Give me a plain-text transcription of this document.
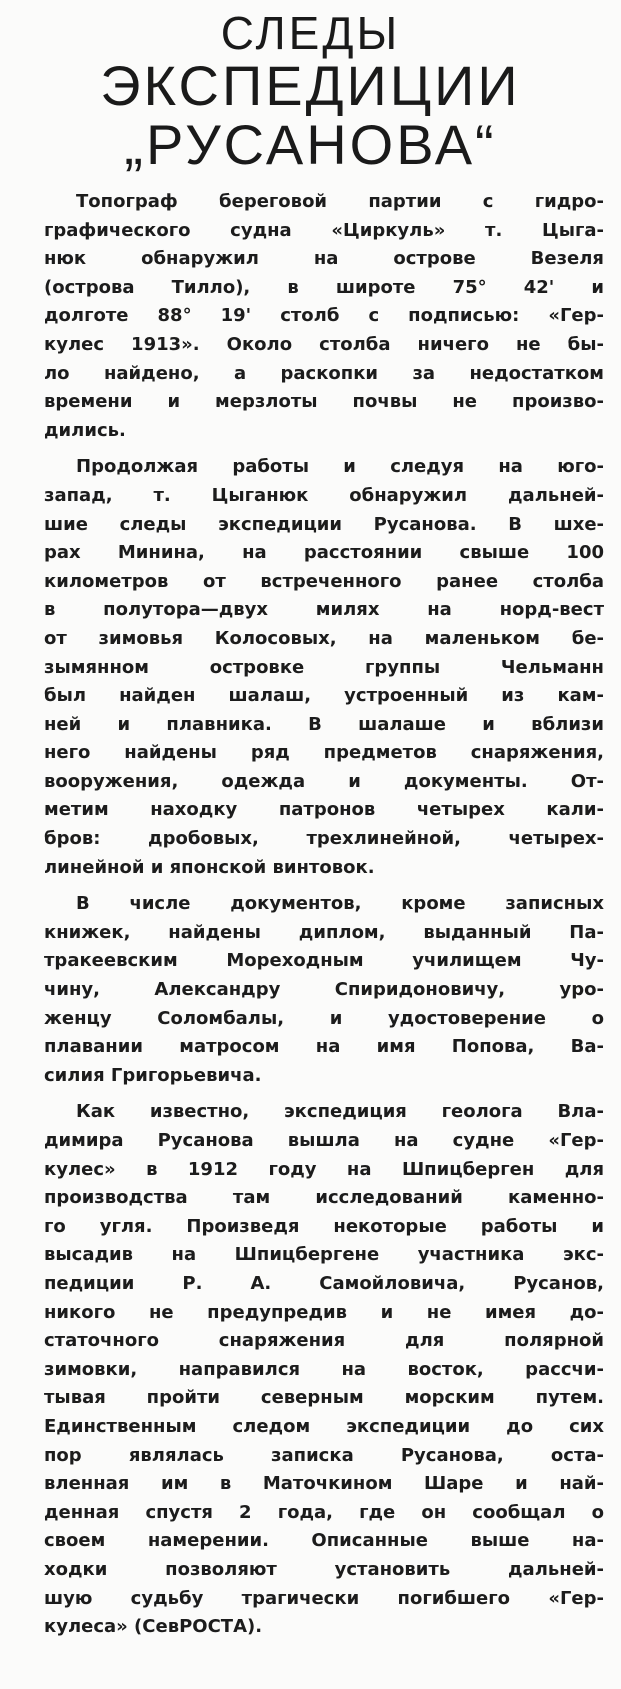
СЛЕДЫ
ЭКСПЕДИЦИИ
„РУСАНОВА“
Топограф береговой партии с гидро-
графического судна «Циркуль» т. Цыга-
нюк обнаружил на острове Везеля
(острова Тилло), в широте 75° 42' и
долготе 88° 19' столб с подписью: «Гер-
кулес 1913». Около столба ничего не бы-
ло найдено, а раскопки за недостатком
времени и мерзлоты почвы не произво-
дились.
Продолжая работы и следуя на юго-
запад, т. Цыганюк обнаружил дальней-
шие следы экспедиции Русанова. В шхе-
рах Минина, на расстоянии свыше 100
километров от встреченного ранее столба
в полутора—двух милях на норд-вест
от зимовья Колосовых, на маленьком бе-
зымянном островке группы Чельманн
был найден шалаш, устроенный из кам-
ней и плавника. В шалаше и вблизи
него найдены ряд предметов снаряжения,
вооружения, одежда и документы. От-
метим находку патронов четырех кали-
бров: дробовых, трехлинейной, четырех-
линейной и японской винтовок.
В числе документов, кроме записных
книжек, найдены диплом, выданный Па-
тракеевским Мореходным училищем Чу-
чину, Александру Спиридоновичу, уро-
женцу Соломбалы, и удостоверение о
плавании матросом на имя Попова, Ва-
силия Григорьевича.
Как известно, экспедиция геолога Вла-
димира Русанова вышла на судне «Гер-
кулес» в 1912 году на Шпицберген для
производства там исследований каменно-
го угля. Произведя некоторые работы и
высадив на Шпицбергене участника экс-
педиции Р. А. Самойловича, Русанов,
никого не предупредив и не имея до-
статочного снаряжения для полярной
зимовки, направился на восток, рассчи-
тывая пройти северным морским путем.
Единственным следом экспедиции до сих
пор являлась записка Русанова, оста-
вленная им в Маточкином Шаре и най-
денная спустя 2 года, где он сообщал о
своем намерении. Описанные выше на-
ходки позволяют установить дальней-
шую судьбу трагически погибшего «Гер-
кулеса» (СевРОСТА).
